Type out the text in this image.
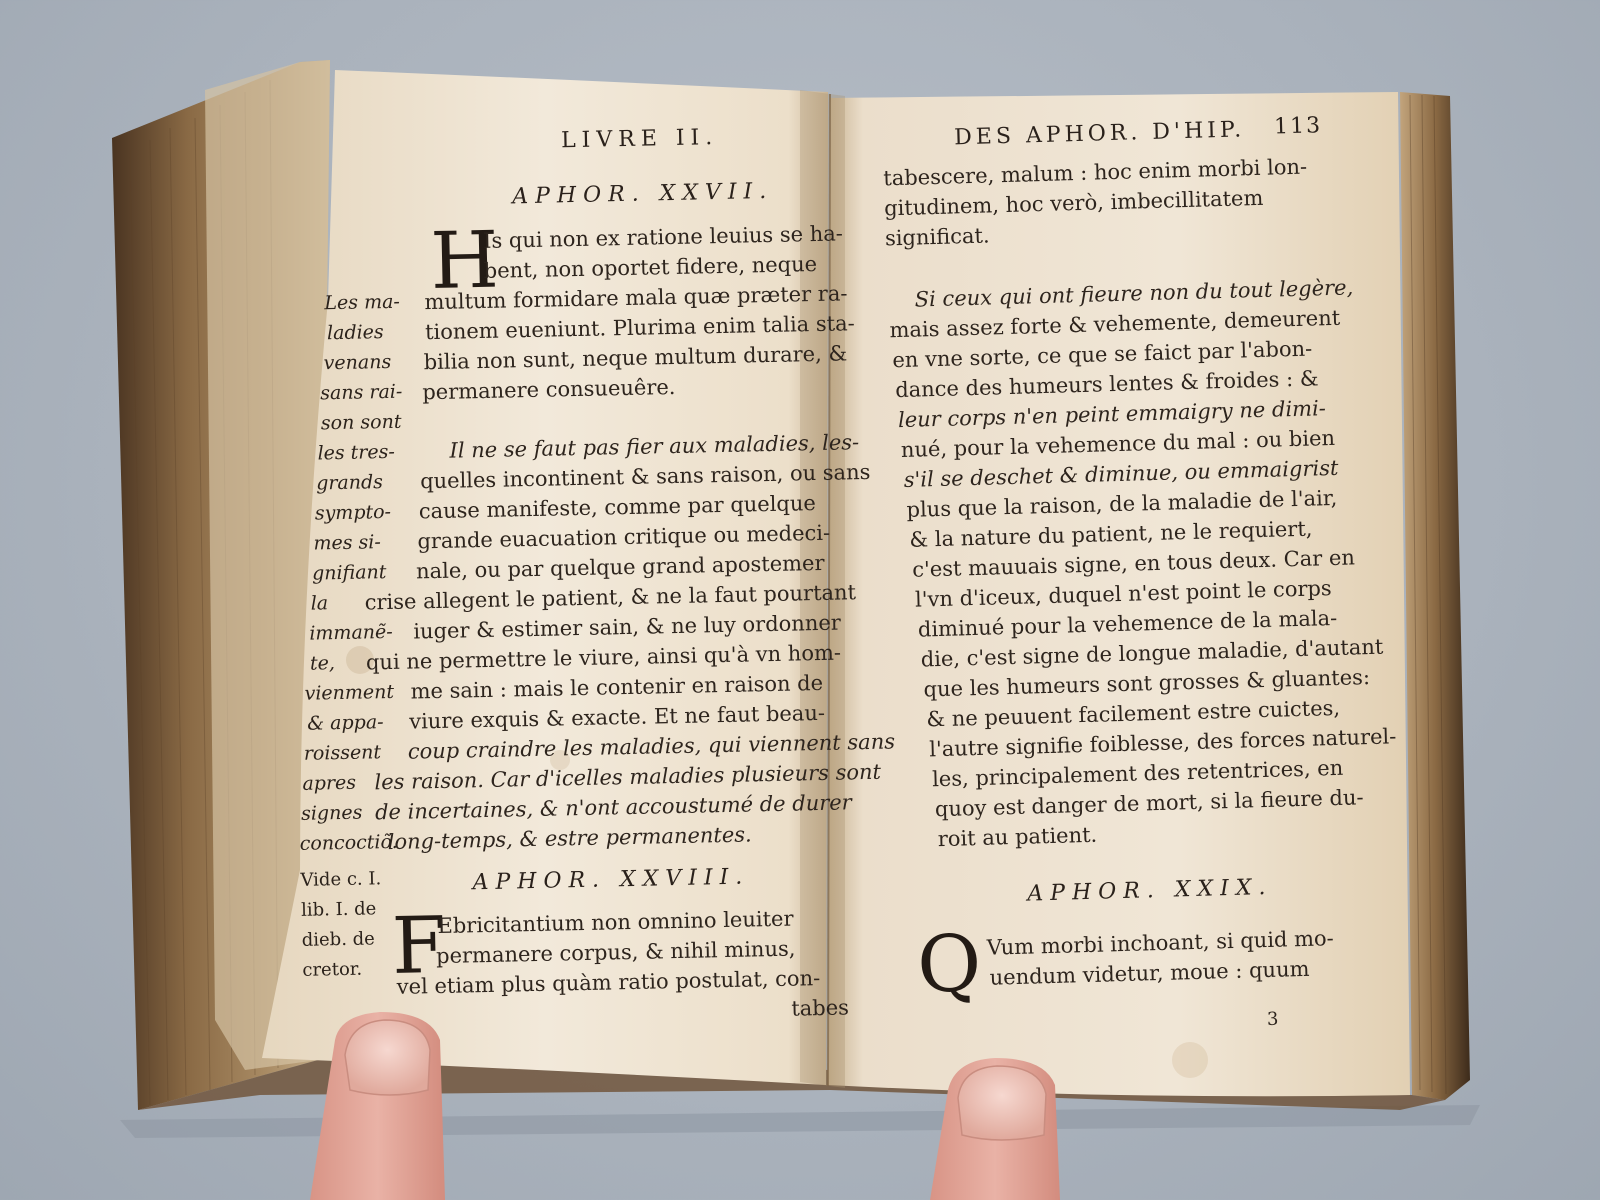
LIVRE II.
APHOR. XXVII.
H
Is qui non ex ratione leuius se ha-
bent, non oportet fidere, neque
multum formidare mala quæ præter ra-
tionem eueniunt. Plurima enim talia sta-
bilia non sunt, neque multum durare, &
permanere consueuêre.
Il ne se faut pas fier aux maladies, les-
quelles incontinent & sans raison, ou sans
cause manifeste, comme par quelque
grande euacuation critique ou medeci-
nale, ou par quelque grand apostemer
crise allegent le patient, & ne la faut pourtant
iuger & estimer sain, & ne luy ordonner
qui ne permettre le viure, ainsi qu'à vn hom-
me sain : mais le contenir en raison de
viure exquis & exacte. Et ne faut beau-
coup craindre les maladies, qui viennent sans
les raison. Car d'icelles maladies plusieurs sont
de incertaines, & n'ont accoustumé de durer
long-temps, & estre permanentes.
Les ma-
ladies
venans
sans rai-
son sont
les tres-
grands
sympto-
mes si-
gnifiant
la
immanẽ-
te,
vienment
& appa-
roissent
apres
signes
concoctiõ.
Vide c. I.
lib. I. de
dieb. de
cretor.
APHOR. XXVIII.
F
Ebricitantium non omnino leuiter
permanere corpus, & nihil minus,
vel etiam plus quàm ratio postulat, con-
tabes
DES APHOR. D'HIP. 113
tabescere, malum : hoc enim morbi lon-
gitudinem, hoc verò, imbecillitatem
significat.
Si ceux qui ont fieure non du tout legère,
mais assez forte & vehemente, demeurent
en vne sorte, ce que se faict par l'abon-
dance des humeurs lentes & froides : &
leur corps n'en peint emmaigry ne dimi-
nué, pour la vehemence du mal : ou bien
s'il se deschet & diminue, ou emmaigrist
plus que la raison, de la maladie de l'air,
& la nature du patient, ne le requiert,
c'est mauuais signe, en tous deux. Car en
l'vn d'iceux, duquel n'est point le corps
diminué pour la vehemence de la mala-
die, c'est signe de longue maladie, d'autant
que les humeurs sont grosses & gluantes:
& ne peuuent facilement estre cuictes,
l'autre signifie foiblesse, des forces naturel-
les, principalement des retentrices, en
quoy est danger de mort, si la fieure du-
roit au patient.
APHOR. XXIX.
Q Vum morbi inchoant, si quid mo-
uendum videtur, moue : quum
3
